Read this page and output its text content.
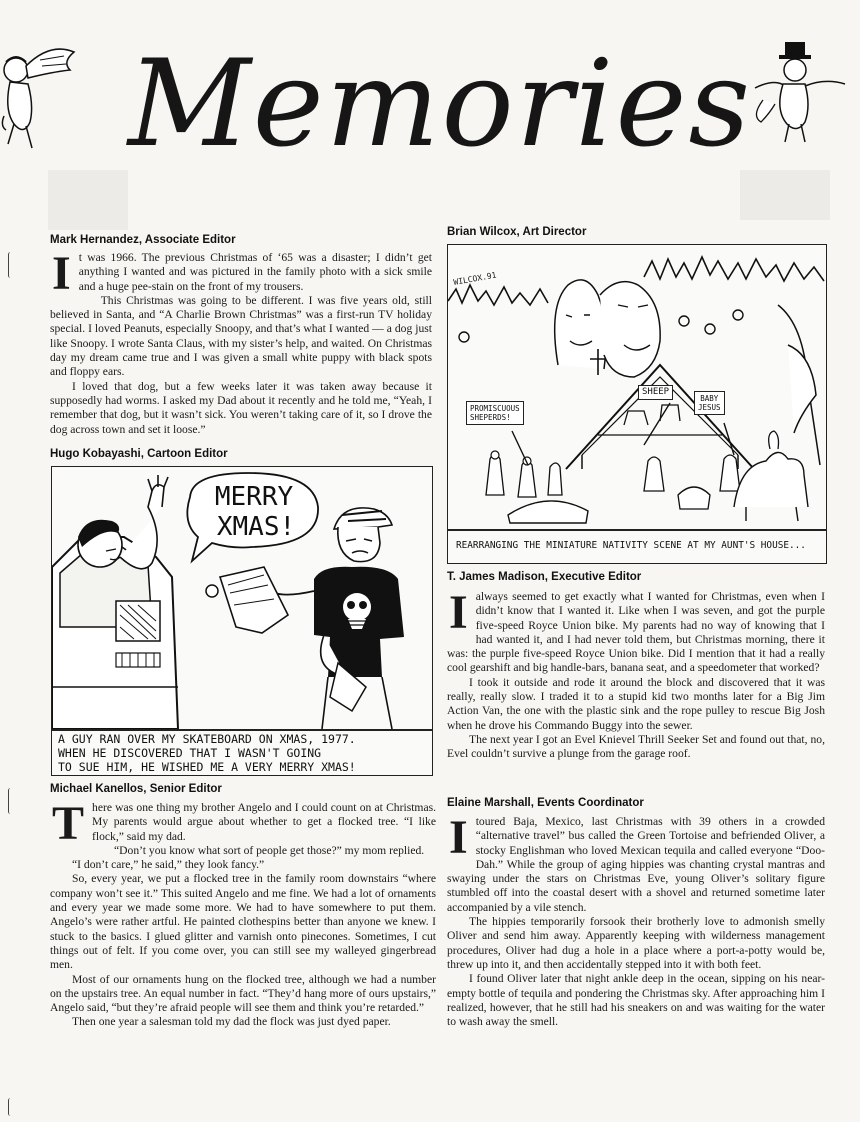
Memories
Mark Hernandez, Associate Editor

It was 1966. The previous Christmas of ‘65 was a disaster; I didn’t get anything I wanted and was pictured in the family photo with a sick smile and a huge pee-stain on the front of my trousers.

This Christmas was going to be different. I was five years old, still believed in Santa, and “A Charlie Brown Christmas” was a first-run TV holiday special. I loved Peanuts, especially Snoopy, and that’s what I wanted — a dog just like Snoopy. I wrote Santa Claus, with my sister’s help, and waited. On Christmas day my dream came true and I was given a small white puppy with black spots and floppy ears.

I loved that dog, but a few weeks later it was taken away because it supposedly had worms. I asked my Dad about it recently and he told me, “Yeah, I remember that dog, but it wasn’t sick. You weren’t taking care of it, so I drove the dog across town and set it loose.”

Hugo Kobayashi, Cartoon Editor
MERRY
XMAS!
A GUY RAN OVER MY SKATEBOARD ON XMAS, 1977.
WHEN HE DISCOVERED THAT I WASN'T GOING
TO SUE HIM, HE WISHED ME A VERY MERRY XMAS!
Michael Kanellos, Senior Editor

There was one thing my brother Angelo and I could count on at Christmas. My parents would argue about whether to get a flocked tree. “I like flock,” said my dad.

“Don’t you know what sort of people get those?” my mom replied.

“I don’t care,” he said,” they look fancy.”

So, every year, we put a flocked tree in the family room downstairs “where company won’t see it.” This suited Angelo and me fine. We had a lot of ornaments and every year we made some more. We had to have somewhere to put them. Angelo’s were rather artful. He painted clothespins better than anyone we knew. I stuck to the basics. I glued glitter and varnish onto pinecones. Sometimes, I cut things out of felt. If you come over, you can still see my walleyed gingerbread men.

Most of our ornaments hung on the flocked tree, although we had a number on the upstairs tree. An equal number in fact. “They’d hang more of ours upstairs,” Angelo said, “but they’re afraid people will see them and think you’re retarded.”

Then one year a salesman told my dad the flock was just dyed paper.

Brian Wilcox, Art Director
WILCOX.91
PROMISCUOUS
SHEPERDS!
SHEEP
BABY
JESUS
REARRANGING THE MINIATURE NATIVITY SCENE AT MY AUNT'S HOUSE...
T. James Madison, Executive Editor

Ialways seemed to get exactly what I wanted for Christmas, even when I didn’t know that I wanted it. Like when I was seven, and got the purple five-speed Royce Union bike. My parents had no way of knowing that I had wanted it, and I had never told them, but Christmas morning, there it was: the purple five-speed Royce Union bike. Did I mention that it had a really cool gearshift and big handle-bars, banana seat, and a speedometer that worked?

I took it outside and rode it around the block and discovered that it was really, really slow. I traded it to a stupid kid two months later for a Big Jim Action Van, the one with the plastic sink and the rope pulley to rescue Big Josh when he drove his Commando Buggy into the sewer.

The next year I got an Evel Knievel Thrill Seeker Set and found out that, no, Evel couldn’t survive a plunge from the garage roof.

Elaine Marshall, Events Coordinator

Itoured Baja, Mexico, last Christmas with 39 others in a crowded “alternative travel” bus called the Green Tortoise and befriended Oliver, a stocky Englishman who loved Mexican tequila and called everyone “Doo-Dah.” While the group of aging hippies was chanting crystal mantras and swaying under the stars on Christmas Eve, young Oliver’s solitary figure stumbled off into the coastal desert with a shovel and returned sometime later accompanied by a vile stench.

The hippies temporarily forsook their brotherly love to admonish smelly Oliver and send him away. Apparently keeping with wilderness management procedures, Oliver had dug a hole in a place where a port-a-potty would be, threw up into it, and then accidentally stepped into it with both feet.

I found Oliver later that night ankle deep in the ocean, sipping on his near-empty bottle of tequila and pondering the Christmas sky. After approaching him I realized, however, that he still had his sneakers on and was waiting for the water to wash away the smell.
